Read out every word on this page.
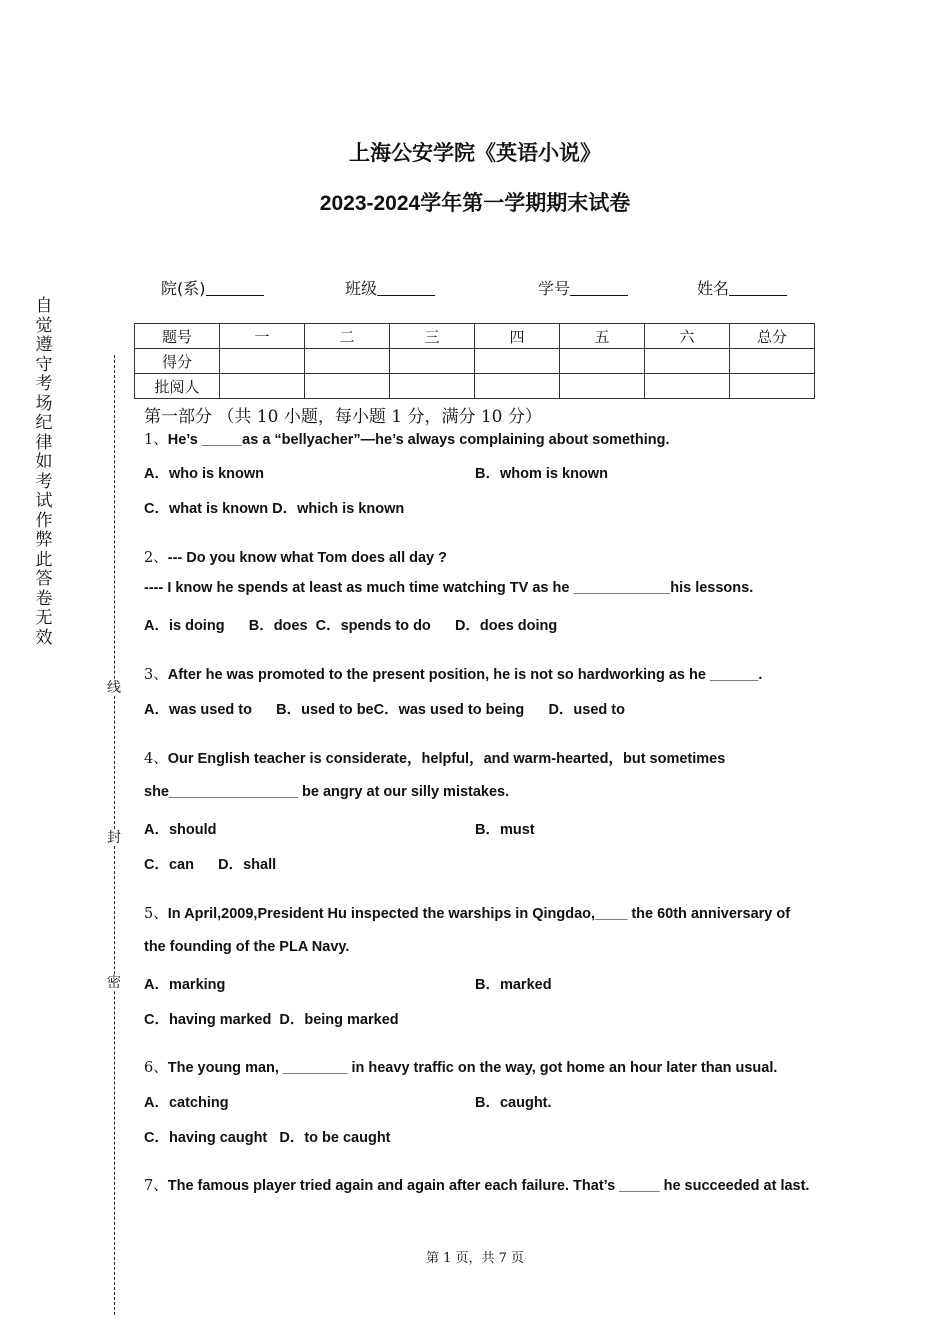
上海公安学院《英语小说》
2023-2024学年第一学期期末试卷
院(系)	班级	学号	姓名
题号	一	二	三	四	五	六	总分
得分							
批阅人							
第一部分 （共 10 小题，每小题 1 分，满分 10 分）
1、He’s _____as a “bellyacher”—he’s always complaining about something.
A．who is known	B．whom is known
C．what is known D．which is known
2、--- Do you know what Tom does all day ?
---- I know he spends at least as much time watching TV as he ____________his lessons.
A．is doing      B．does  C．spends to do      D．does doing
3、After he was promoted to the present position, he is not so hardworking as he ______.
A．was used to      B．used to beC．was used to being      D．used to
4、Our English teacher is considerate，helpful，and warm-hearted，but sometimes
she________________ be angry at our silly mistakes.
A．should	B．must
C．can      D．shall
5、In April,2009,President Hu inspected the warships in Qingdao,____ the 60th anniversary of
the founding of the PLA Navy.
A．marking	B．marked
C．having marked  D．being marked
6、The young man, ________ in heavy traffic on the way, got home an hour later than usual.
A．catching	B．caught.
C．having caught   D．to be caught
7、The famous player tried again and again after each failure. That’s _____ he succeeded at last.
自
觉
遵
守
考
场
纪
律
如
考
试
作
弊
此
答
卷
无
效
线
封
密
第 1 页，共 7 页
